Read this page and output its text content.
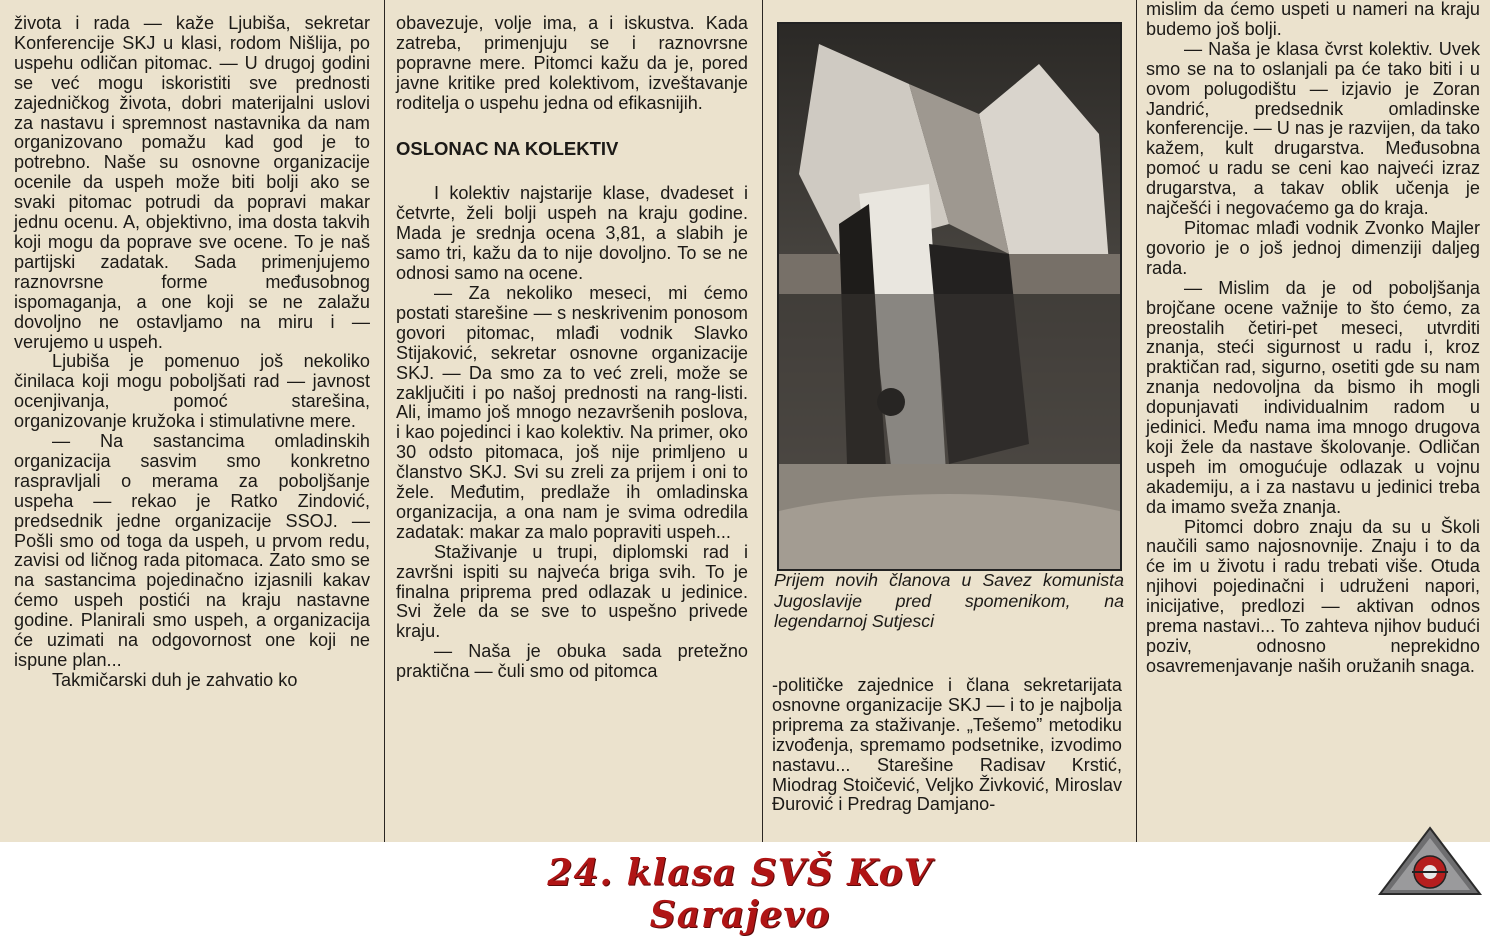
života i rada — kaže Ljubiša, sekretar Konferencije SKJ u klasi, rodom Nišlija, po uspehu odličan pitomac. — U drugoj godini se već mogu iskoristiti sve prednosti zajedničkog života, dobri materijalni uslovi za nastavu i spremnost nastavnika da nam organizovano pomažu kad god je to potrebno. Naše su osnovne organizacije ocenile da uspeh može biti bolji ako se svaki pitomac potrudi da popravi makar jednu ocenu. A, objektivno, ima dosta takvih koji mogu da poprave sve ocene. To je naš partijski zadatak. Sada primenjujemo raznovrsne forme međusobnog ispomaganja, a one koji se ne zalažu dovoljno ne ostavljamo na miru i — verujemo u uspeh.

Ljubiša je pomenuo još nekoliko činilaca koji mogu poboljšati rad — javnost ocenjivanja, pomoć starešina, organizovanje kružoka i stimulativne mere.

— Na sastancima omladinskih organizacija sasvim smo konkretno raspravljali o merama za poboljšanje uspeha — rekao je Ratko Zindović, predsednik jedne organizacije SSOJ. — Pošli smo od toga da uspeh, u prvom redu, zavisi od ličnog rada pitomaca. Zato smo se na sastancima pojedinačno izjasnili kakav ćemo uspeh postići na kraju nastavne godine. Planirali smo uspeh, a organizacija će uzimati na odgovornost one koji ne ispune plan...

Takmičarski duh je zahvatio ko

obavezuje, volje ima, a i iskustva. Kada zatreba, primenjuju se i raznovrsne popravne mere. Pitomci kažu da je, pored javne kritike pred kolektivom, izveštavanje roditelja o uspehu jedna od efikasnijih.

OSLONAC NA KOLEKTIV

I kolektiv najstarije klase, dvadeset i četvrte, želi bolji uspeh na kraju godine. Mada je srednja ocena 3,81, a slabih je samo tri, kažu da to nije dovoljno. To se ne odnosi samo na ocene.

— Za nekoliko meseci, mi ćemo postati starešine — s neskrivenim ponosom govori pitomac, mlađi vodnik Slavko Stijaković, sekretar osnovne organizacije SKJ. — Da smo za to već zreli, može se zaključiti i po našoj prednosti na rang-listi. Ali, imamo još mnogo nezavršenih poslova, i kao pojedinci i kao kolektiv. Na primer, oko 30 odsto pitomaca, još nije primljeno u članstvo SKJ. Svi su zreli za prijem i oni to žele. Međutim, predlaže ih omladinska organizacija, a ona nam je svima odredila zadatak: makar za malo popraviti uspeh...

Staživanje u trupi, diplomski rad i završni ispiti su najveća briga svih. To je finalna priprema pred odlazak u jedinice. Svi žele da se sve to uspešno privede kraju.

— Naša je obuka sada pretežno praktična — čuli smo od pitomca

Prijem novih članova u Savez komunista Jugoslavije pred spomenikom, na legendarnoj Sutjesci

-političke zajednice i člana sekretarijata osnovne organizacije SKJ — i to je najbolja priprema za staživanje. „Tešemo” metodiku izvođenja, spremamo podsetnike, izvodimo nastavu... Starešine Radisav Krstić, Miodrag Stoičević, Veljko Živković, Miroslav Đurović i Predrag Damjano-

mislim da ćemo uspeti u nameri na kraju budemo još bolji.

— Naša je klasa čvrst kolektiv. Uvek smo se na to oslanjali pa će tako biti i u ovom polugodištu — izjavio je Zoran Jandrić, predsednik omladinske konferencije. — U nas je razvijen, da tako kažem, kult drugarstva. Međusobna pomoć u radu se ceni kao najveći izraz drugarstva, a takav oblik učenja je najčešći i negovaćemo ga do kraja.

Pitomac mlađi vodnik Zvonko Majler govorio je o još jednoj dimenziji daljeg rada.

— Mislim da je od poboljšanja brojčane ocene važnije to što ćemo, za preostalih četiri-pet meseci, utvrditi znanja, steći sigurnost u radu i, kroz praktičan rad, sigurno, osetiti gde su nam znanja nedovoljna da bismo ih mogli dopunjavati individualnim radom u jedinici. Među nama ima mnogo drugova koji žele da nastave školovanje. Odličan uspeh im omogućuje odlazak u vojnu akademiju, a i za nastavu u jedinici treba da imamo sveža znanja.

Pitomci dobro znaju da su u Školi naučili samo najosnovnije. Znaju i to da će im u životu i radu trebati više. Otuda njihovi pojedinačni i udruženi napori, inicijative, predlozi — aktivan odnos prema nastavi... To zahteva njihov budući poziv, odnosno neprekidno osavremenjavanje naših oružanih snaga.

24. klasa SVŠ KoV Sarajevo
